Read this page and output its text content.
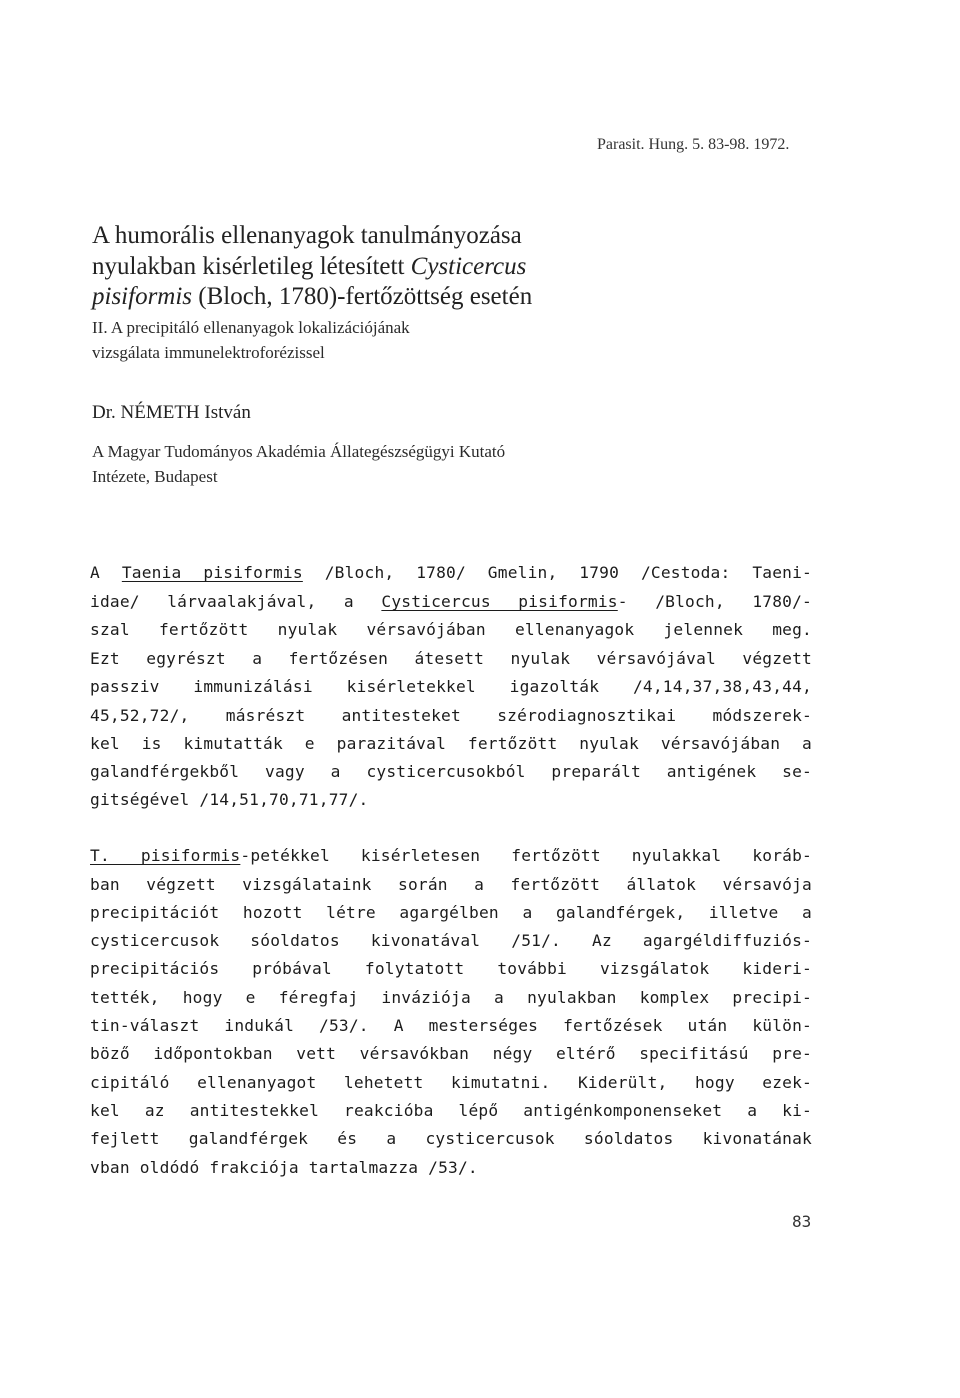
Parasit. Hung. 5. 83-98. 1972.
A humorális ellenanyagok tanulmányozása
nyulakban kisérletileg létesített Cysticercus
pisiformis (Bloch, 1780)-fertőzöttség esetén
II. A precipitáló ellenanyagok lokalizációjának
vizsgálata immunelektroforézissel
Dr. NÉMETH István
A Magyar Tudományos Akadémia Állategészségügyi Kutató
Intézete, Budapest
A Taenia pisiformis /Bloch, 1780/ Gmelin, 1790 /Cestoda: Taeni-
idae/ lárvaalakjával, a Cysticercus pisiformis- /Bloch, 1780/-
szal fertőzött nyulak vérsavójában ellenanyagok jelennek meg.
Ezt egyrészt a fertőzésen átesett nyulak vérsavójával végzett
passziv immunizálási kisérletekkel igazolták /4,14,37,38,43,44,
45,52,72/, másrészt antitesteket szérodiagnosztikai módszerek-
kel is kimutatták e parazitával fertőzött nyulak vérsavójában a
galandférgekből vagy a cysticercusokból preparált antigének se-
gitségével /14,51,70,71,77/.
T. pisiformis-petékkel kisérletesen fertőzött nyulakkal koráb-
ban végzett vizsgálataink során a fertőzött állatok vérsavója
precipitációt hozott létre agargélben a galandférgek, illetve a
cysticercusok sóoldatos kivonatával /51/. Az agargéldiffuziós-
precipitációs próbával folytatott további vizsgálatok kideri-
tették, hogy e féregfaj inváziója a nyulakban komplex precipi-
tin-választ indukál /53/. A mesterséges fertőzések után külön-
böző időpontokban vett vérsavókban négy eltérő specifitású pre-
cipitáló ellenanyagot lehetett kimutatni. Kiderült, hogy ezek-
kel az antitestekkel reakcióba lépő antigénkomponenseket a ki-
fejlett galandférgek és a cysticercusok sóoldatos kivonatának
vban oldódó frakciója tartalmazza /53/.
83
